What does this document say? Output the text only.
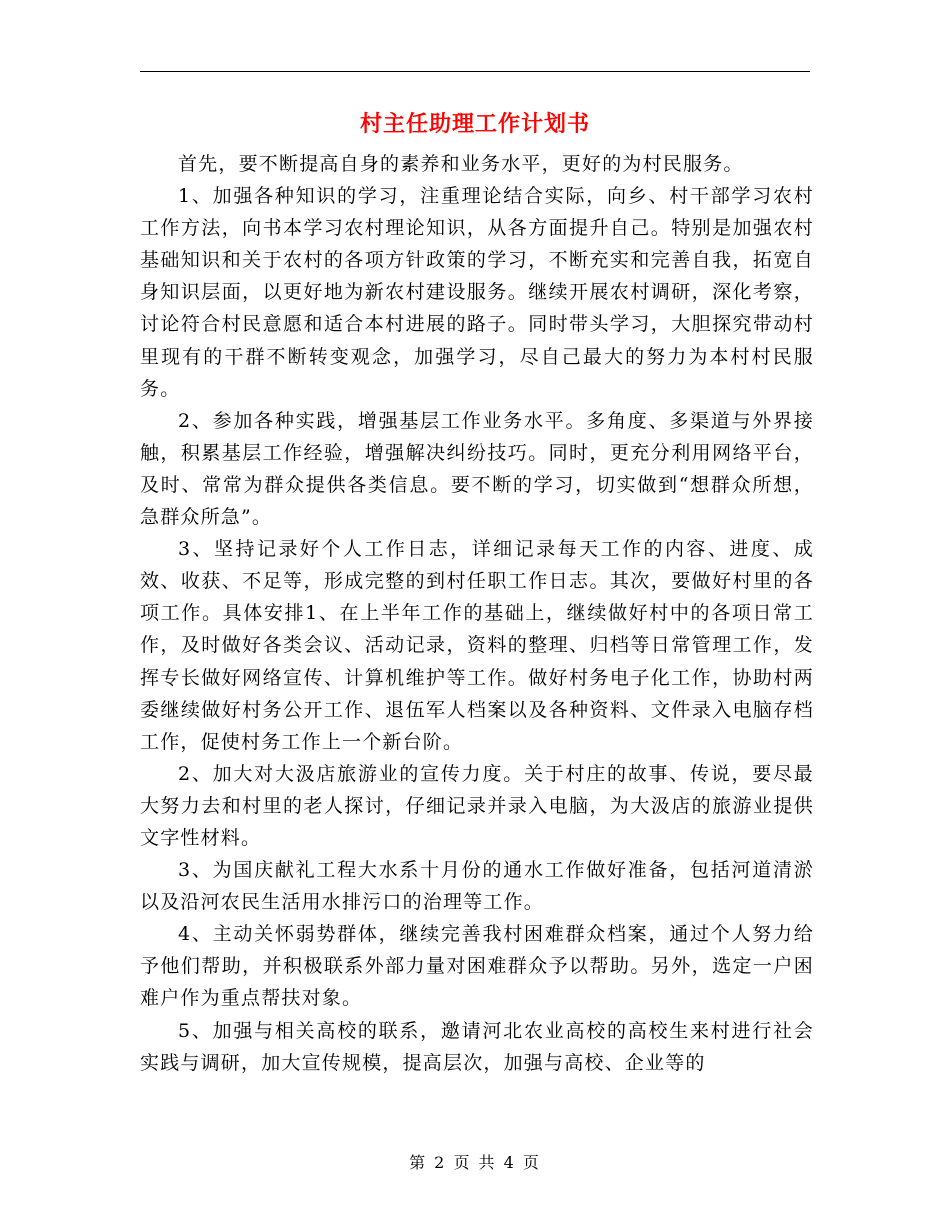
村主任助理工作计划书

首先，要不断提高自身的素养和业务水平，更好的为村民服务。

1、加强各种知识的学习，注重理论结合实际，向乡、村干部学习农村工作方法，向书本学习农村理论知识，从各方面提升自己。特别是加强农村基础知识和关于农村的各项方针政策的学习，不断充实和完善自我，拓宽自身知识层面，以更好地为新农村建设服务。继续开展农村调研，深化考察，讨论符合村民意愿和适合本村进展的路子。同时带头学习，大胆探究带动村里现有的干群不断转变观念，加强学习，尽自己最大的努力为本村村民服务。

2、参加各种实践，增强基层工作业务水平。多角度、多渠道与外界接触，积累基层工作经验，增强解决纠纷技巧。同时，更充分利用网络平台，及时、常常为群众提供各类信息。要不断的学习，切实做到“想群众所想，急群众所急”。

3、坚持记录好个人工作日志，详细记录每天工作的内容、进度、成效、收获、不足等，形成完整的到村任职工作日志。其次，要做好村里的各项工作。具体安排1、在上半年工作的基础上，继续做好村中的各项日常工作，及时做好各类会议、活动记录，资料的整理、归档等日常管理工作，发挥专长做好网络宣传、计算机维护等工作。做好村务电子化工作，协助村两委继续做好村务公开工作、退伍军人档案以及各种资料、文件录入电脑存档工作，促使村务工作上一个新台阶。

2、加大对大汲店旅游业的宣传力度。关于村庄的故事、传说，要尽最大努力去和村里的老人探讨，仔细记录并录入电脑，为大汲店的旅游业提供文字性材料。

3、为国庆献礼工程大水系十月份的通水工作做好准备，包括河道清淤以及沿河农民生活用水排污口的治理等工作。

4、主动关怀弱势群体，继续完善我村困难群众档案，通过个人努力给予他们帮助，并积极联系外部力量对困难群众予以帮助。另外，选定一户困难户作为重点帮扶对象。

5、加强与相关高校的联系，邀请河北农业高校的高校生来村进行社会实践与调研，加大宣传规模，提高层次，加强与高校、企业等的

第 2 页 共 4 页
